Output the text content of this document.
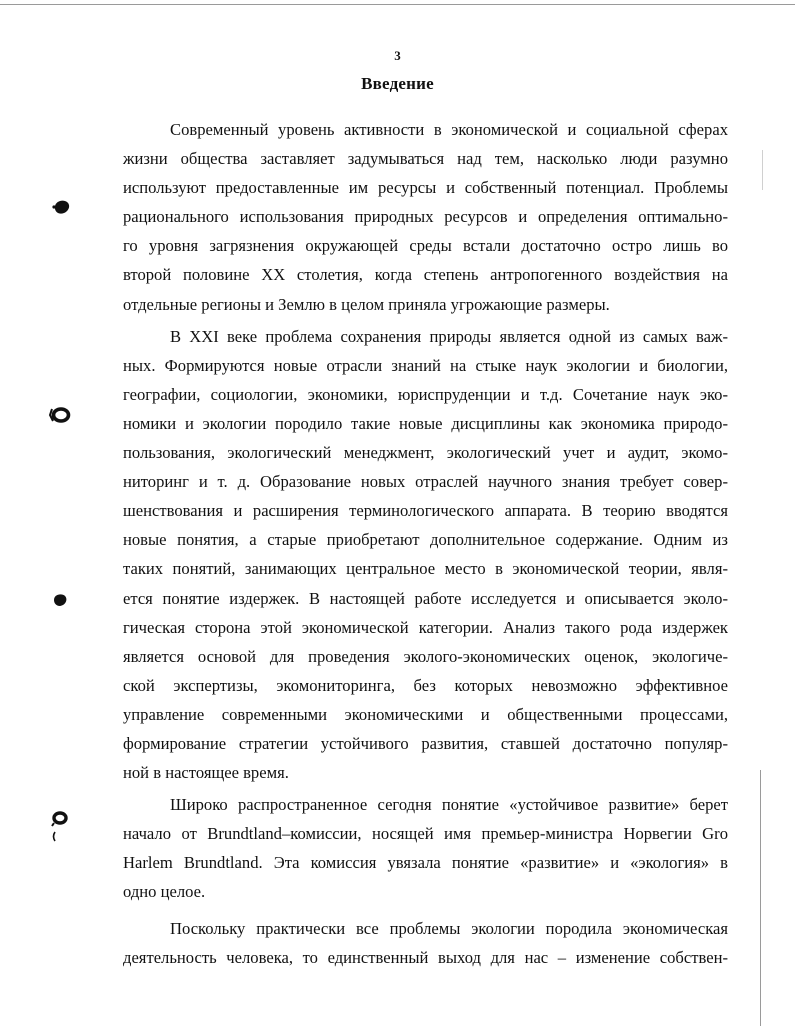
3
Введение
Современный уровень активности в экономической и социальной сферах
жизни общества заставляет задумываться над тем, насколько люди разумно
используют предоставленные им ресурсы и собственный потенциал. Проблемы
рационального использования природных ресурсов и определения оптимально-
го уровня загрязнения окружающей среды встали достаточно остро лишь во
второй половине XX столетия, когда степень антропогенного воздействия на
отдельные регионы и Землю в целом приняла угрожающие размеры.
В XXI веке проблема сохранения природы является одной из самых важ-
ных. Формируются новые отрасли знаний на стыке наук экологии и биологии,
географии, социологии, экономики, юриспруденции и т.д. Сочетание наук эко-
номики и экологии породило такие новые дисциплины как экономика природо-
пользования, экологический менеджмент, экологический учет и аудит, экомо-
ниторинг и т. д. Образование новых отраслей научного знания требует совер-
шенствования и расширения терминологического аппарата. В теорию вводятся
новые понятия, а старые приобретают дополнительное содержание. Одним из
таких понятий, занимающих центральное место в экономической теории, явля-
ется понятие издержек. В настоящей работе исследуется и описывается эколо-
гическая сторона этой экономической категории. Анализ такого рода издержек
является основой для проведения эколого-экономических оценок, экологиче-
ской экспертизы, экомониторинга, без которых невозможно эффективное
управление современными экономическими и общественными процессами,
формирование стратегии устойчивого развития, ставшей достаточно популяр-
ной в настоящее время.
Широко распространенное сегодня понятие «устойчивое развитие» берет
начало от Brundtland–комиссии, носящей имя премьер-министра Норвегии Gro
Harlem Brundtland. Эта комиссия увязала понятие «развитие» и «экология» в
одно целое.
Поскольку практически все проблемы экологии породила экономическая
деятельность человека, то единственный выход для нас – изменение собствен-
